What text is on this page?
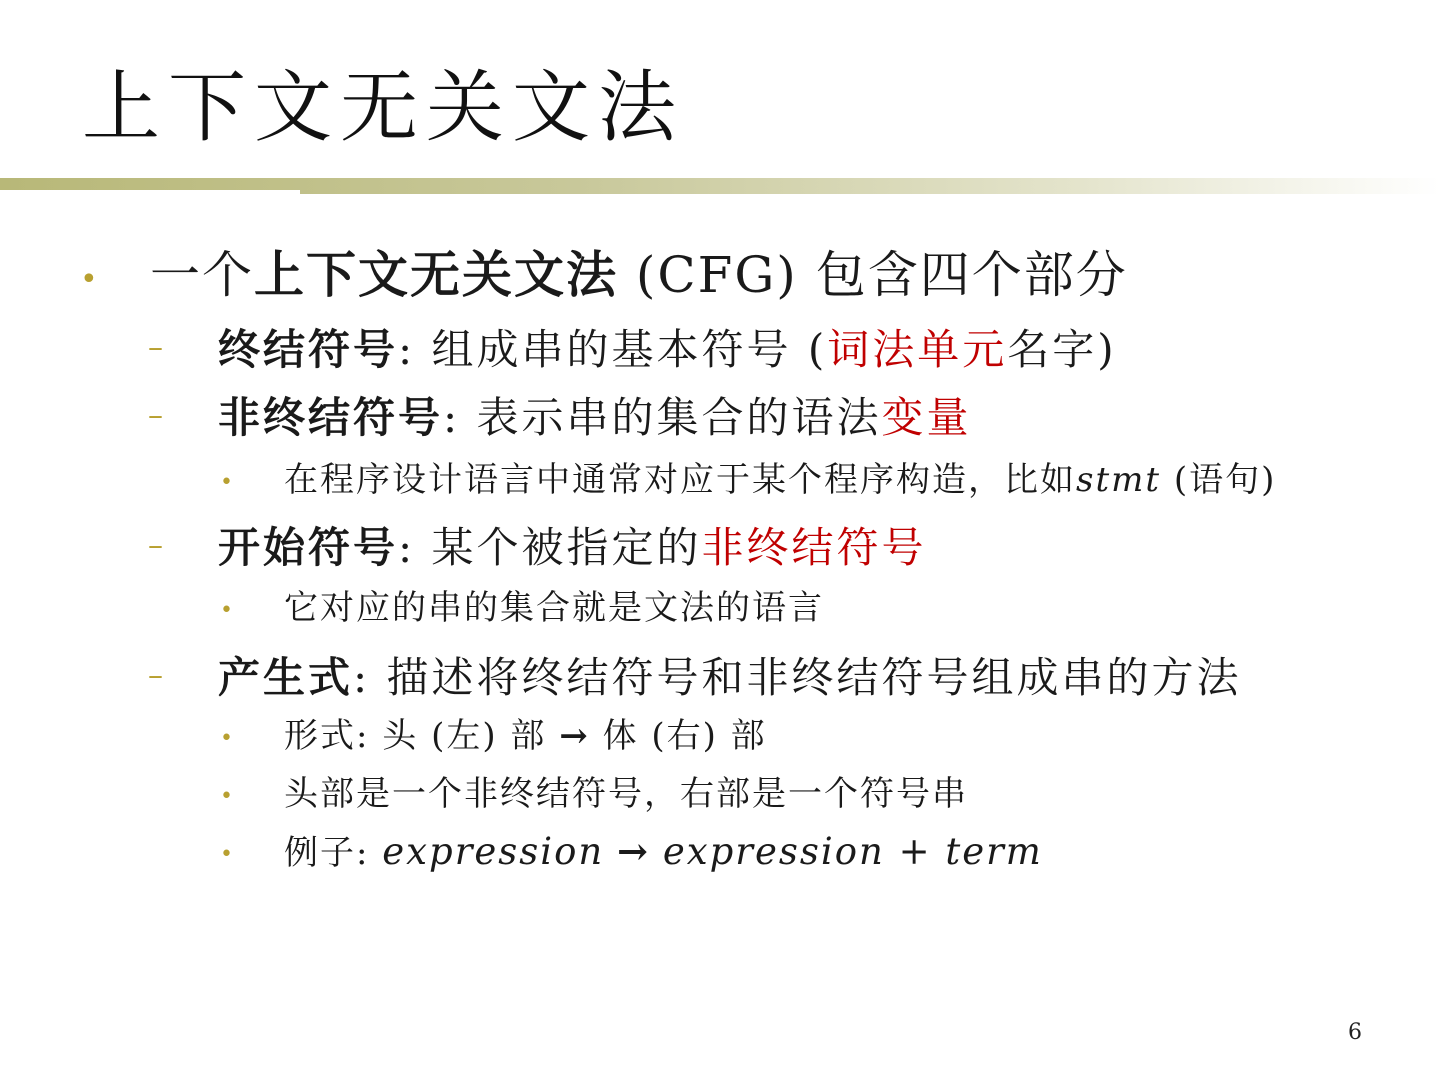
上下文无关文法
• 一个上下文无关文法 (CFG) 包含四个部分
– 终结符号: 组成串的基本符号 (词法单元名字)
– 非终结符号: 表示串的集合的语法变量
• 在程序设计语言中通常对应于某个程序构造，比如stmt (语句)
– 开始符号: 某个被指定的非终结符号
• 它对应的串的集合就是文法的语言
– 产生式: 描述将终结符号和非终结符号组成串的方法
• 形式: 头 (左) 部 → 体 (右) 部
• 头部是一个非终结符号，右部是一个符号串
• 例子: expression → expression + term
6
